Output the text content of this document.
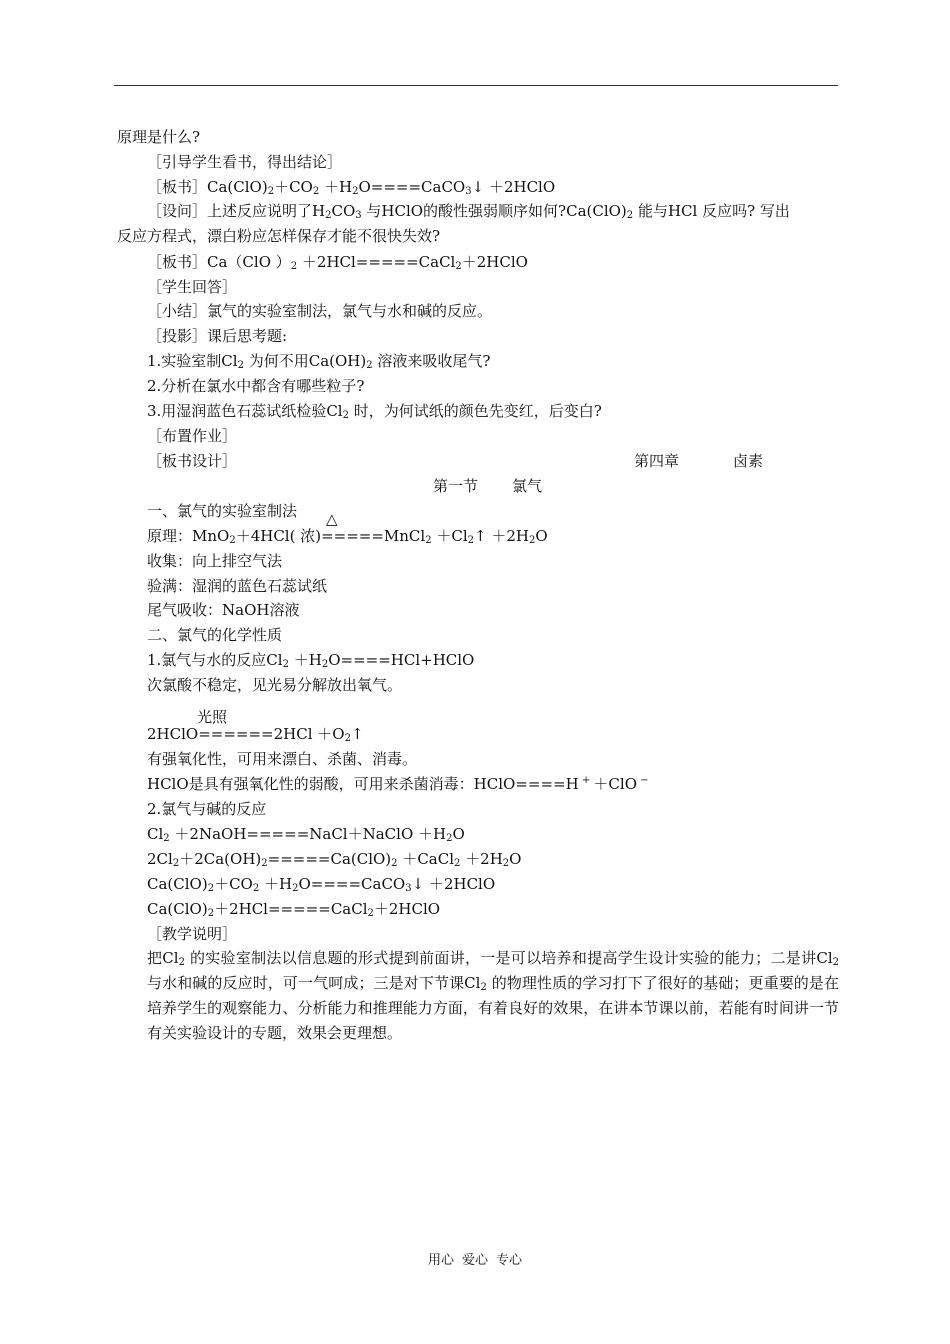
原理是什么?
［引导学生看书，得出结论］
［板书$]Ca(ClO)_2+CO_2$ $+H_2O====CaCO_3↓$ ＋2HClO
［设问］上述反应说明了$H_2CO_3$ 与HClO的酸性强弱顺序如何$?Ca(ClO)_2$ 能与HCl 反应吗? 写出
反应方程式，漂白粉应怎样保存才能不很快失效?
［板书］Ca（ClO ）$_2$ ＋2HCl=====CaCl$_2$＋2HClO
［学生回答］
［小结］氯气的实验室制法，氯气与水和碱的反应。
［投影］课后思考题:
1.实验室制$Cl_2$ 为何不用$Ca(OH)_2$ 溶液来吸收尾气?
2.分析在氯水中都含有哪些粒子?
3.用湿润蓝色石蕊试纸检验$Cl_2$ 时，为何试纸的颜色先变红，后变白?
［布置作业］
［板书设计］	第四章	卤素
第一节 氯气
一、氯气的实验室制法 △
原理：MnO$_2$＋4HCl( 浓)=====MnCl$_2$ $+Cl_2↑ +2H_2O$
收集：向上排空气法
验满：湿润的蓝色石蕊试纸
尾气吸收：NaOH溶液
二、氯气的化学性质
1.氯气与水的反应$Cl_2$ $+H_2O====HCl+HClO$
次氯酸不稳定，见光易分解放出氧气。
光照
2HClO======2HCl $+O_2↑$
有强氧化性，可用来漂白、杀菌、消毒。
HClO是具有强氧化性的弱酸，可用来杀菌消毒：HClO====H + ＋ClO −
2.氯气与碱的反应
$Cl_2$ ＋2NaOH=====NaCl＋NaClO $+H_2O$
$2Cl_2+2Ca(OH)_2=====Ca(ClO)_2$ ＋CaCl$_2$ $+2H_2O$
$Ca(ClO)_2+CO_2$ $+H_2O====CaCO_3↓$ ＋2HClO
$Ca(ClO)_2+2HCl=====CaCl_2+2HClO$
［教学说明］
把$Cl_2$ 的实验室制法以信息题的形式提到前面讲，一是可以培养和提高学生设计实验的能力；二是讲$Cl_2$ 与水和碱的反应时，可一气呵成；三是对下节课$Cl_2$ 的物理性质的学习打下了很好的基础；更重要的是在培养学生的观察能力、分析能力和推理能力方面，有着良好的效果，在讲本节课以前，若能有时间讲一节有关实验设计的专题，效果会更理想。
用心 爱心 专心
